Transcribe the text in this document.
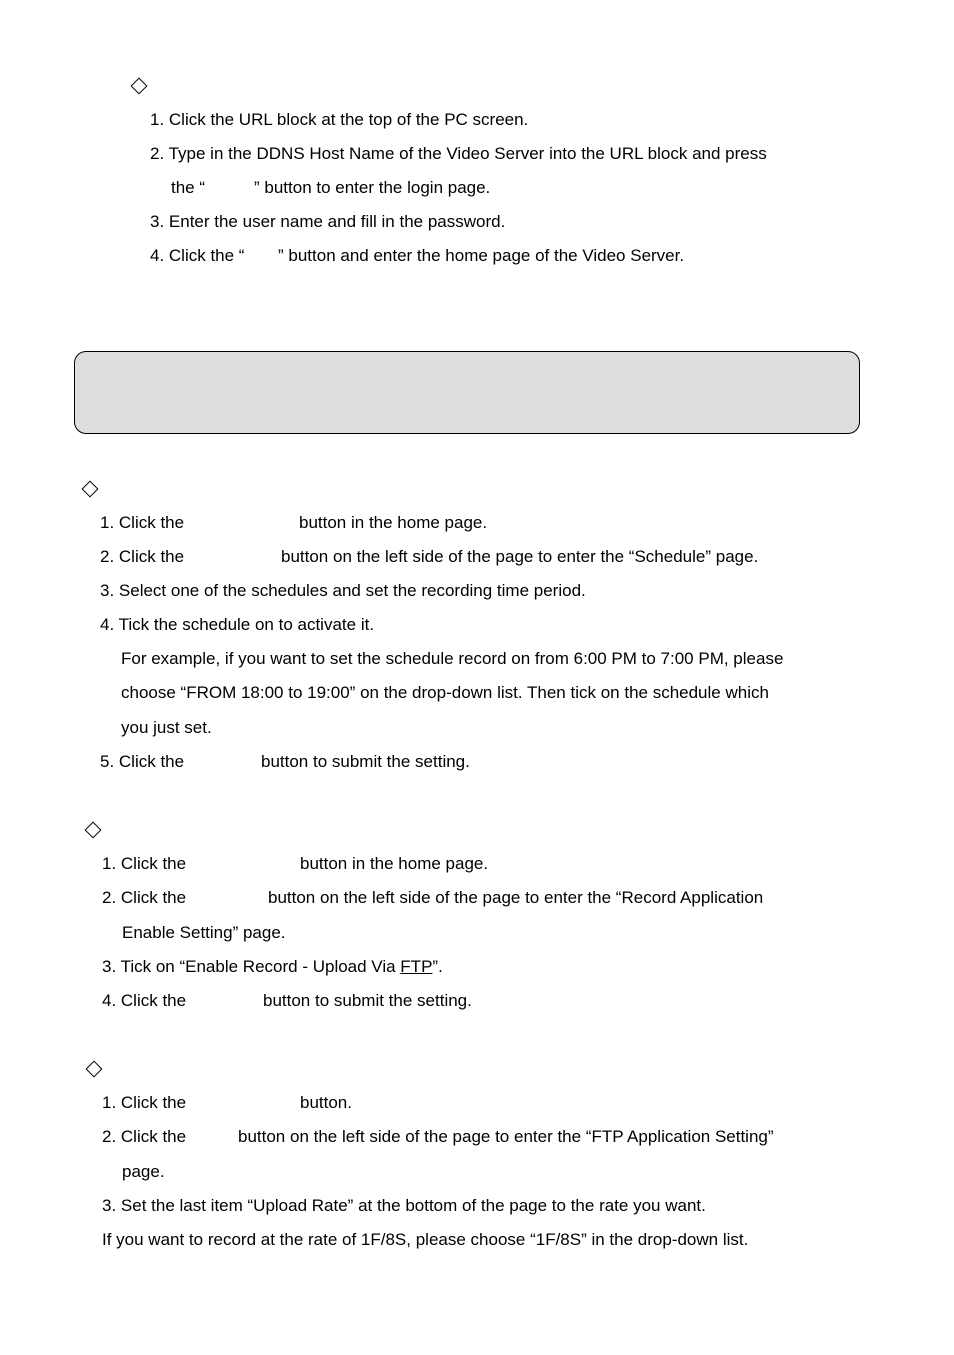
1. Click the URL block at the top of the PC screen.
2. Type in the DDNS Host Name of the Video Server into the URL block and press
the “	” button to enter the login page.
3. Enter the user name and fill in the password.
4. Click the “ ” button and enter the home page of the Video Server.
1. Click the	button in the home page.
2. Click the	button on the left side of the page to enter the “Schedule” page.
3. Select one of the schedules and set the recording time period.
4. Tick the schedule on to activate it.
For example, if you want to set the schedule record on from 6:00 PM to 7:00 PM, please
choose “FROM 18:00 to 19:00” on the drop-down list. Then tick on the schedule which
you just set.
5. Click the	button to submit the setting.
1. Click the	button in the home page.
2. Click the	button on the left side of the page to enter the “Record Application
Enable Setting” page.
3. Tick on “Enable Record - Upload Via FTP”.
4. Click the	button to submit the setting.
1. Click the	button.
2. Click the	button on the left side of the page to enter the “FTP Application Setting”
page.
3. Set the last item “Upload Rate” at the bottom of the page to the rate you want.
If you want to record at the rate of 1F/8S, please choose “1F/8S” in the drop-down list.
